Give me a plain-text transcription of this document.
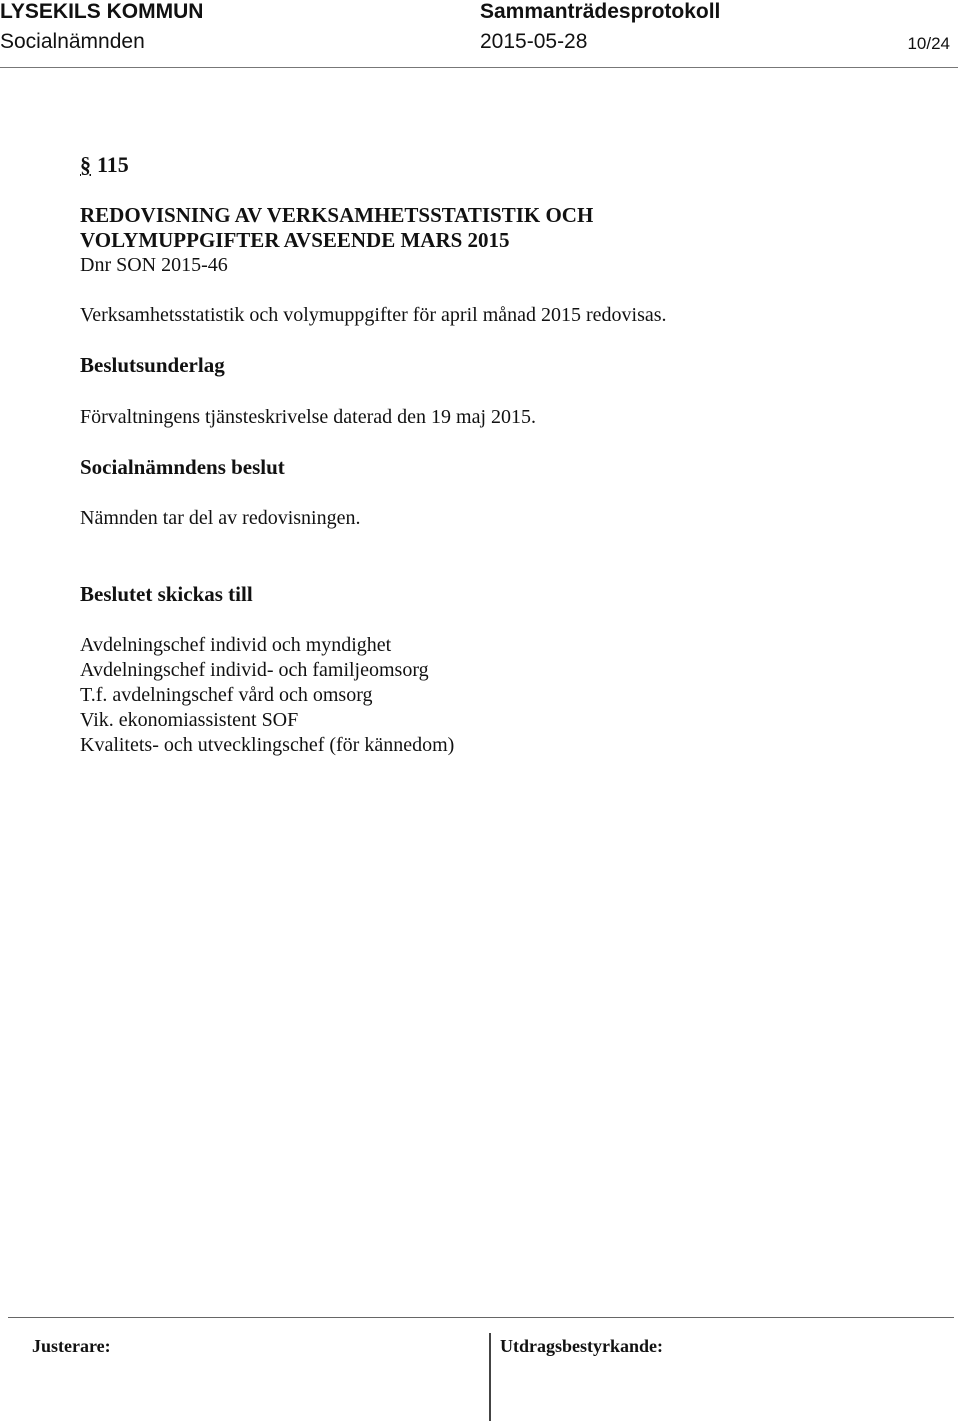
LYSEKILS KOMMUN	Sammanträdesprotokoll
Socialnämnden	2015-05-28	10/24

§ 115

REDOVISNING AV VERKSAMHETSSTATISTIK OCH
VOLYMUPPGIFTER AVSEENDE MARS 2015
Dnr SON 2015-46
Verksamhetsstatistik och volymuppgifter för april månad 2015 redovisas.
Beslutsunderlag
Förvaltningens tjänsteskrivelse daterad den 19 maj 2015.
Socialnämndens beslut
Nämnden tar del av redovisningen.
Beslutet skickas till
Avdelningschef individ och myndighet
Avdelningschef individ- och familjeomsorg
T.f. avdelningschef vård och omsorg
Vik. ekonomiassistent SOF
Kvalitets- och utvecklingschef (för kännedom)
Justerare:	Utdragsbestyrkande:
